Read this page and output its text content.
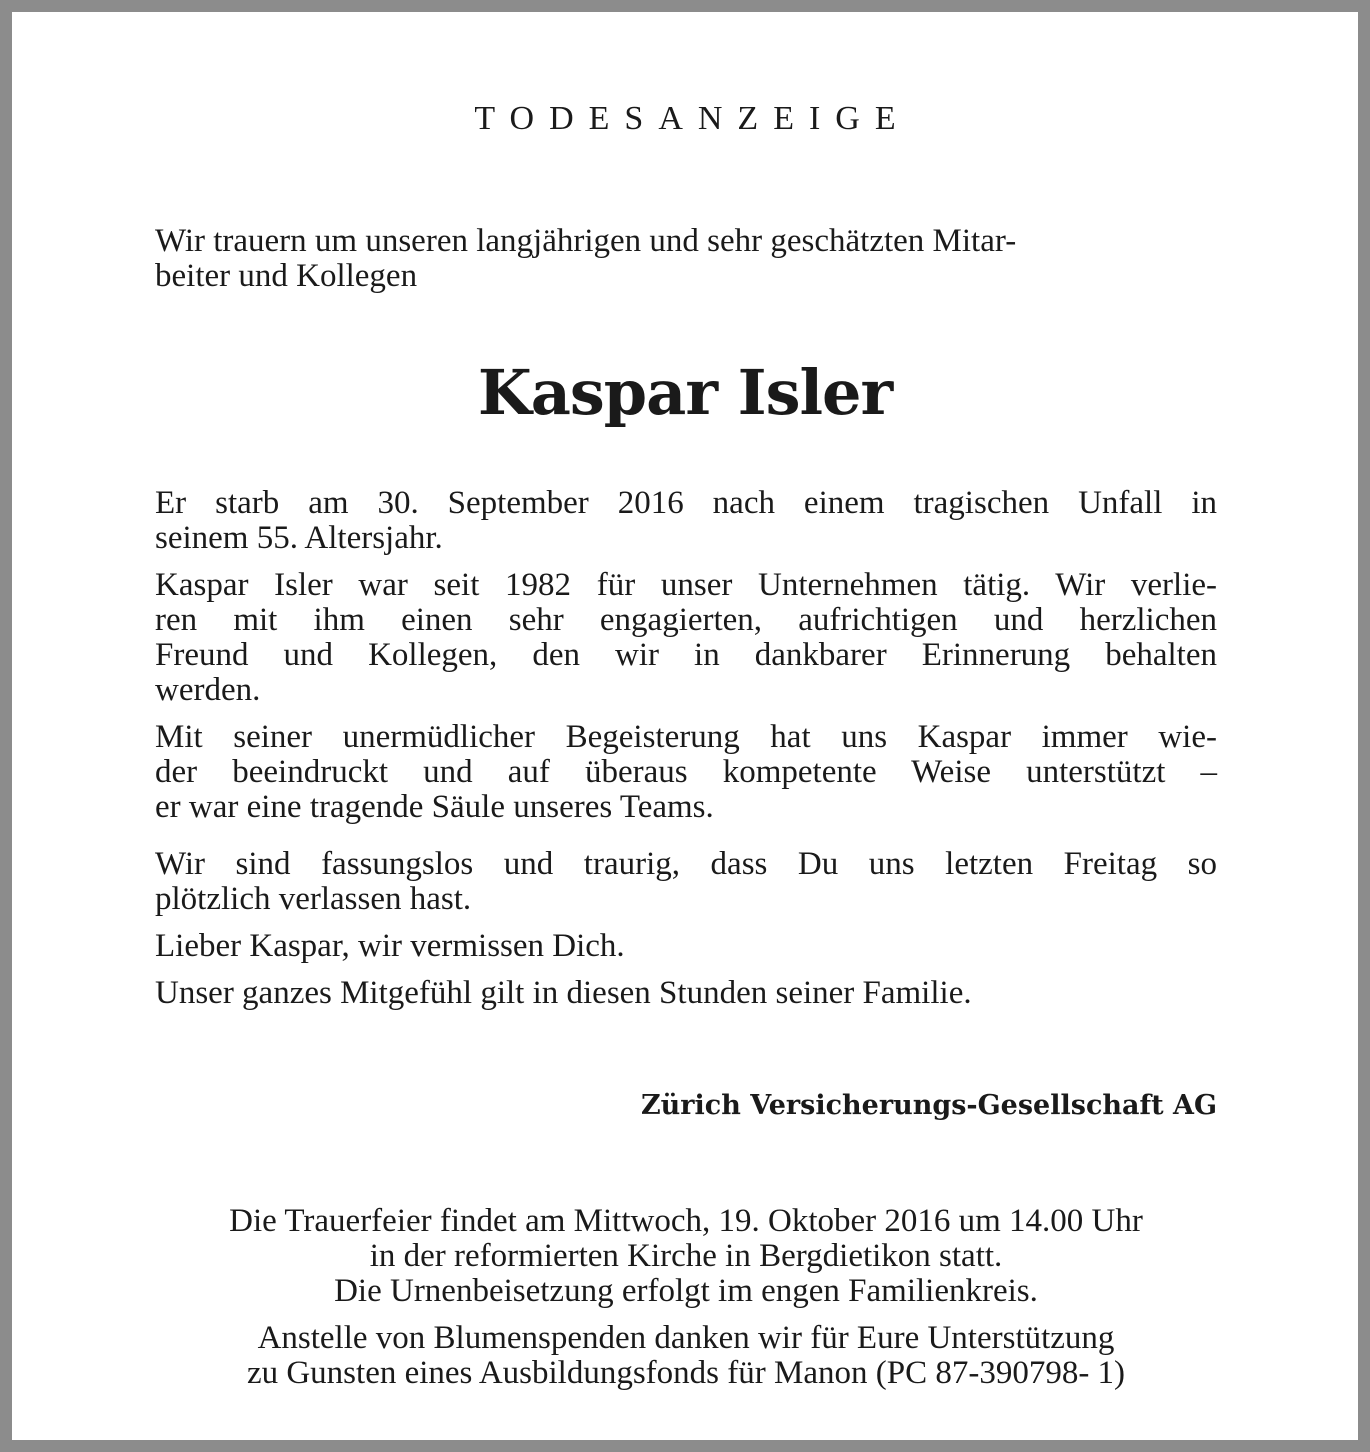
TODESANZEIGE
Wir trauern um unseren langjährigen und sehr geschätzten Mitar-
beiter und Kollegen
Kaspar Isler
Er starb am 30. September 2016 nach einem tragischen Unfall in
seinem 55. Altersjahr.
Kaspar Isler war seit 1982 für unser Unternehmen tätig. Wir verlie-
ren mit ihm einen sehr engagierten, aufrichtigen und herzlichen
Freund und Kollegen, den wir in dankbarer Erinnerung behalten
werden.
Mit seiner unermüdlicher Begeisterung hat uns Kaspar immer wie-
der beeindruckt und auf überaus kompetente Weise unterstützt –
er war eine tragende Säule unseres Teams.
Wir sind fassungslos und traurig, dass Du uns letzten Freitag so
plötzlich verlassen hast.
Lieber Kaspar, wir vermissen Dich.
Unser ganzes Mitgefühl gilt in diesen Stunden seiner Familie.
Zürich Versicherungs-Gesellschaft AG
Die Trauerfeier findet am Mittwoch, 19. Oktober 2016 um 14.00 Uhr
in der reformierten Kirche in Bergdietikon statt.
Die Urnenbeisetzung erfolgt im engen Familienkreis.
Anstelle von Blumenspenden danken wir für Eure Unterstützung
zu Gunsten eines Ausbildungsfonds für Manon (PC 87-390798- 1)
